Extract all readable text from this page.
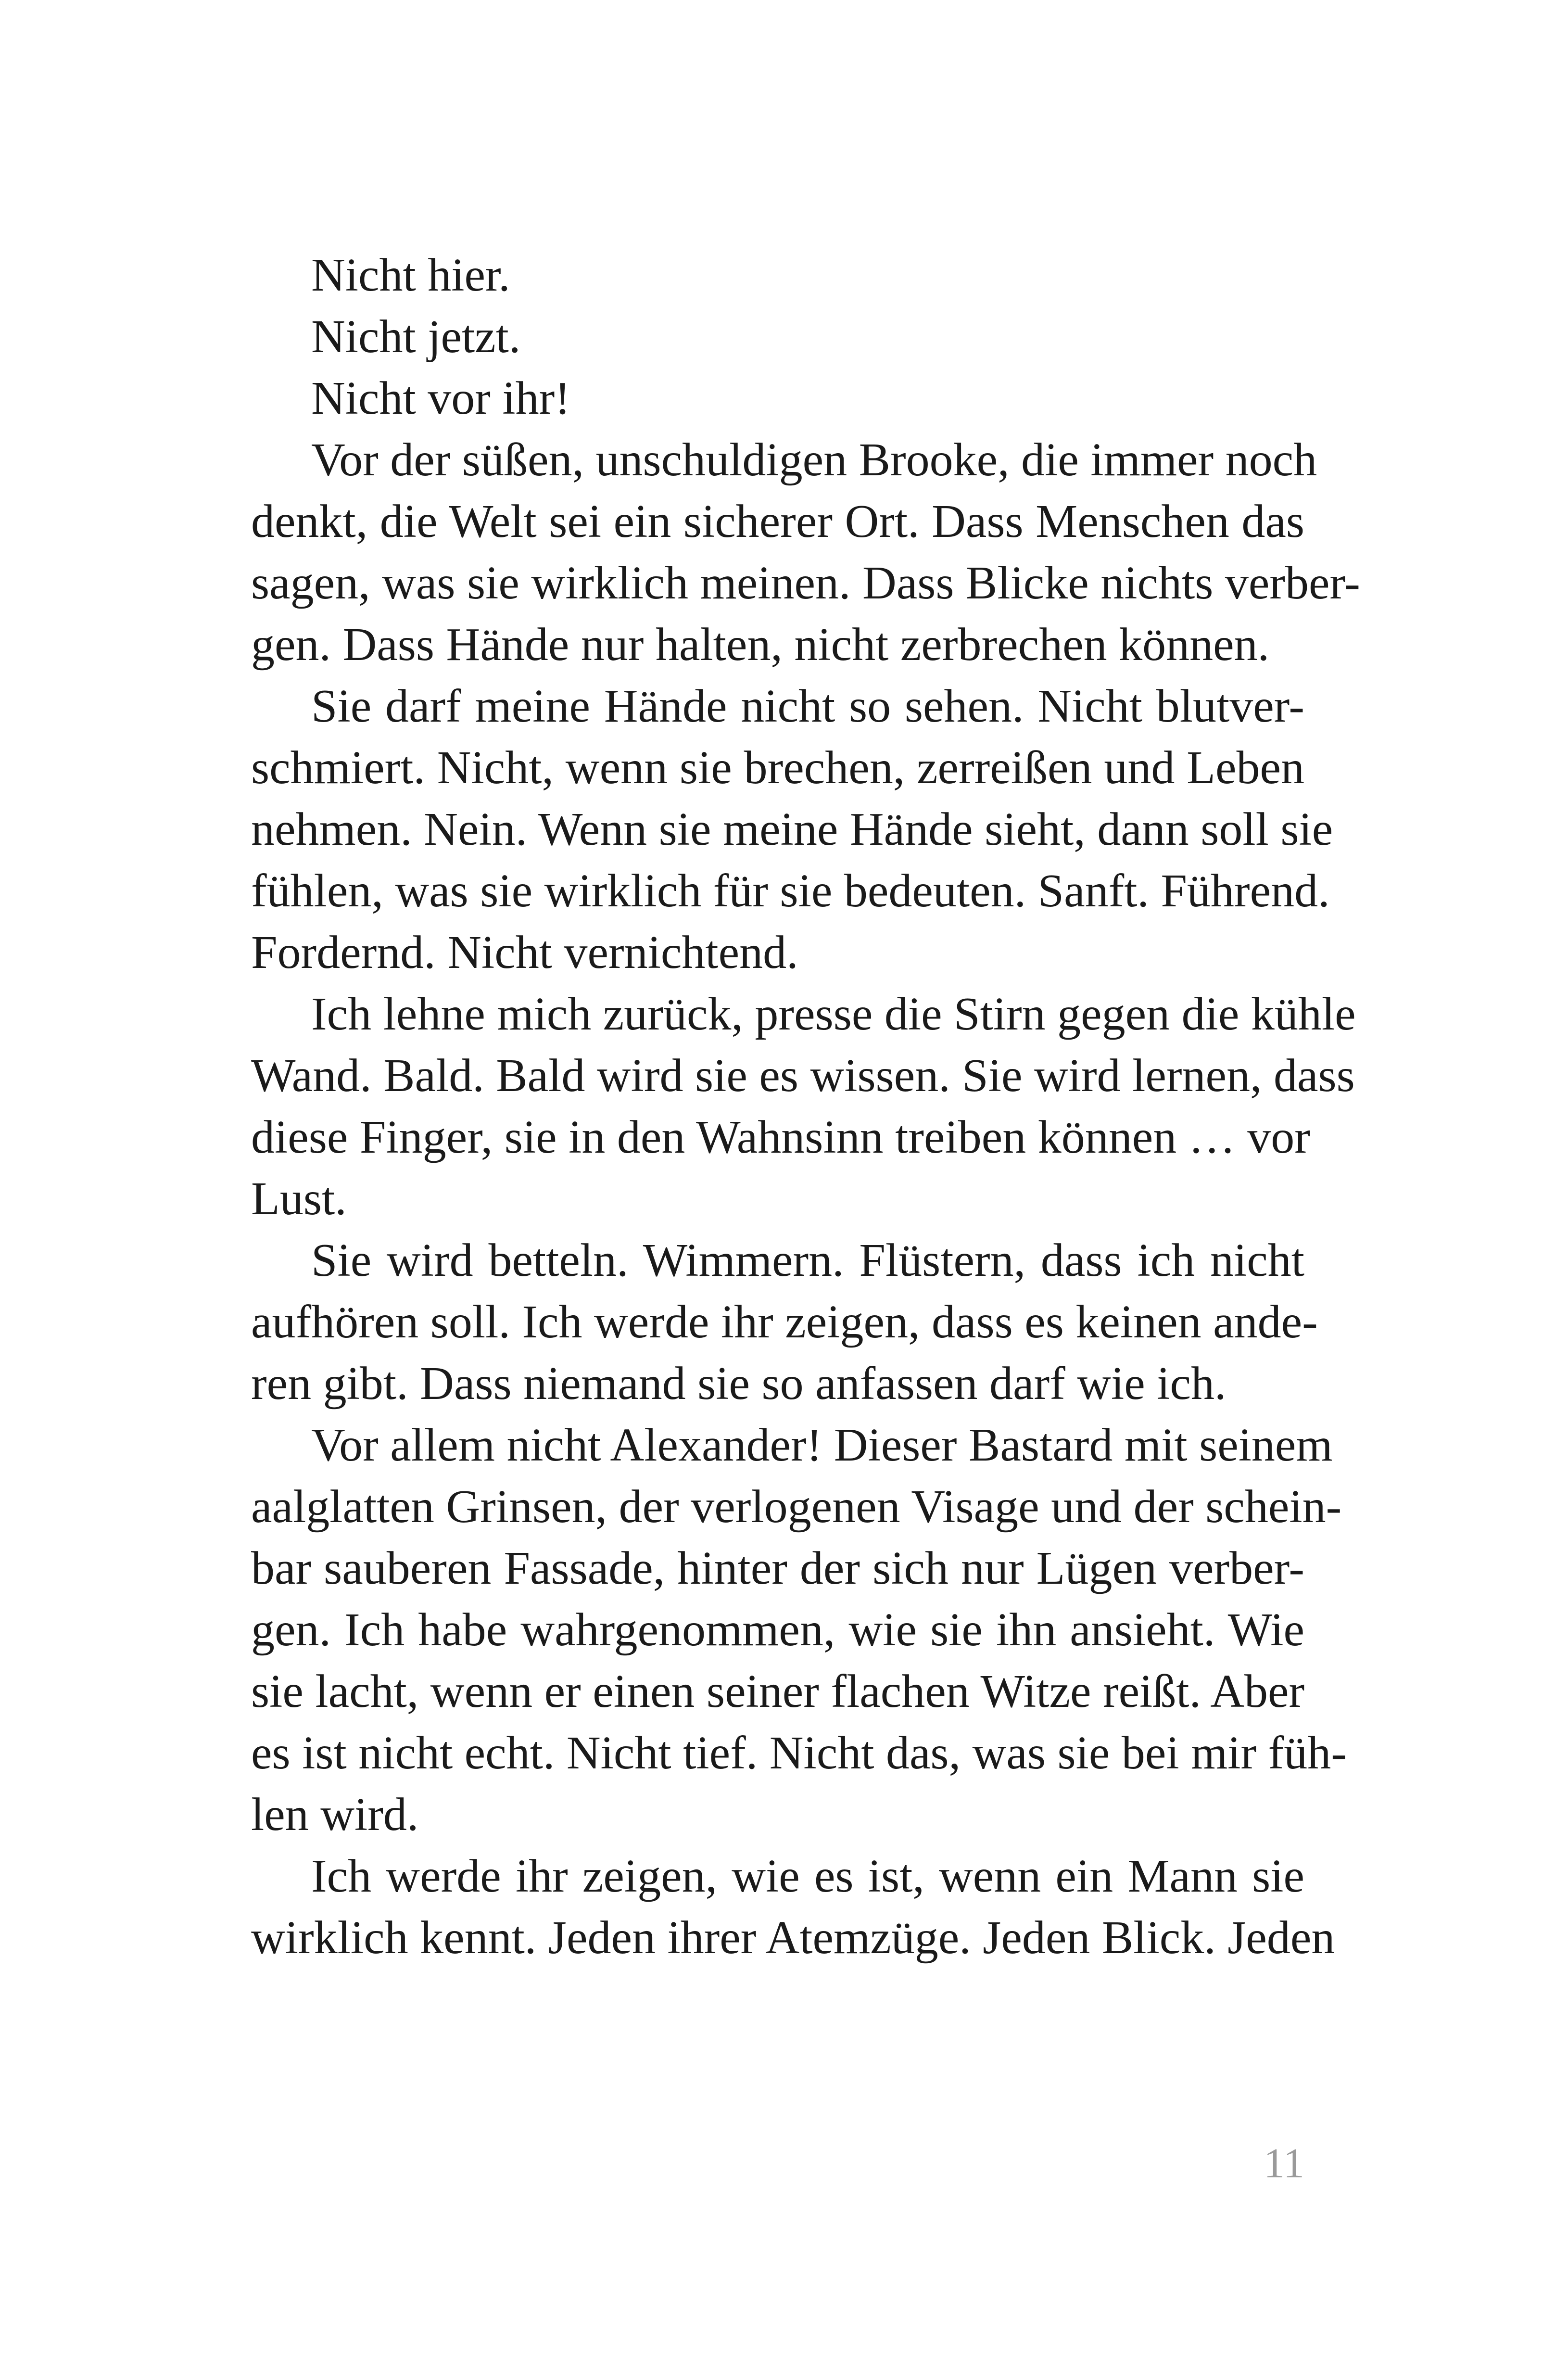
Nicht hier.
Nicht jetzt.
Nicht vor ihr!
Vor der süßen, unschuldigen Brooke, die immer noch
denkt, die Welt sei ein sicherer Ort. Dass Menschen das
sagen, was sie wirklich meinen. Dass Blicke nichts verber-
gen. Dass Hände nur halten, nicht zerbrechen können.
Sie darf meine Hände nicht so sehen. Nicht blutver-
schmiert. Nicht, wenn sie brechen, zerreißen und Leben
nehmen. Nein. Wenn sie meine Hände sieht, dann soll sie
fühlen, was sie wirklich für sie bedeuten. Sanft. Führend.
Fordernd. Nicht vernichtend.
Ich lehne mich zurück, presse die Stirn gegen die kühle
Wand. Bald. Bald wird sie es wissen. Sie wird lernen, dass
diese Finger, sie in den Wahnsinn treiben können … vor
Lust.
Sie wird betteln. Wimmern. Flüstern, dass ich nicht
aufhören soll. Ich werde ihr zeigen, dass es keinen ande-
ren gibt. Dass niemand sie so anfassen darf wie ich.
Vor allem nicht Alexander! Dieser Bastard mit seinem
aalglatten Grinsen, der verlogenen Visage und der schein-
bar sauberen Fassade, hinter der sich nur Lügen verber-
gen. Ich habe wahrgenommen, wie sie ihn ansieht. Wie
sie lacht, wenn er einen seiner flachen Witze reißt. Aber
es ist nicht echt. Nicht tief. Nicht das, was sie bei mir füh-
len wird.
Ich werde ihr zeigen, wie es ist, wenn ein Mann sie
wirklich kennt. Jeden ihrer Atemzüge. Jeden Blick. Jeden
11
